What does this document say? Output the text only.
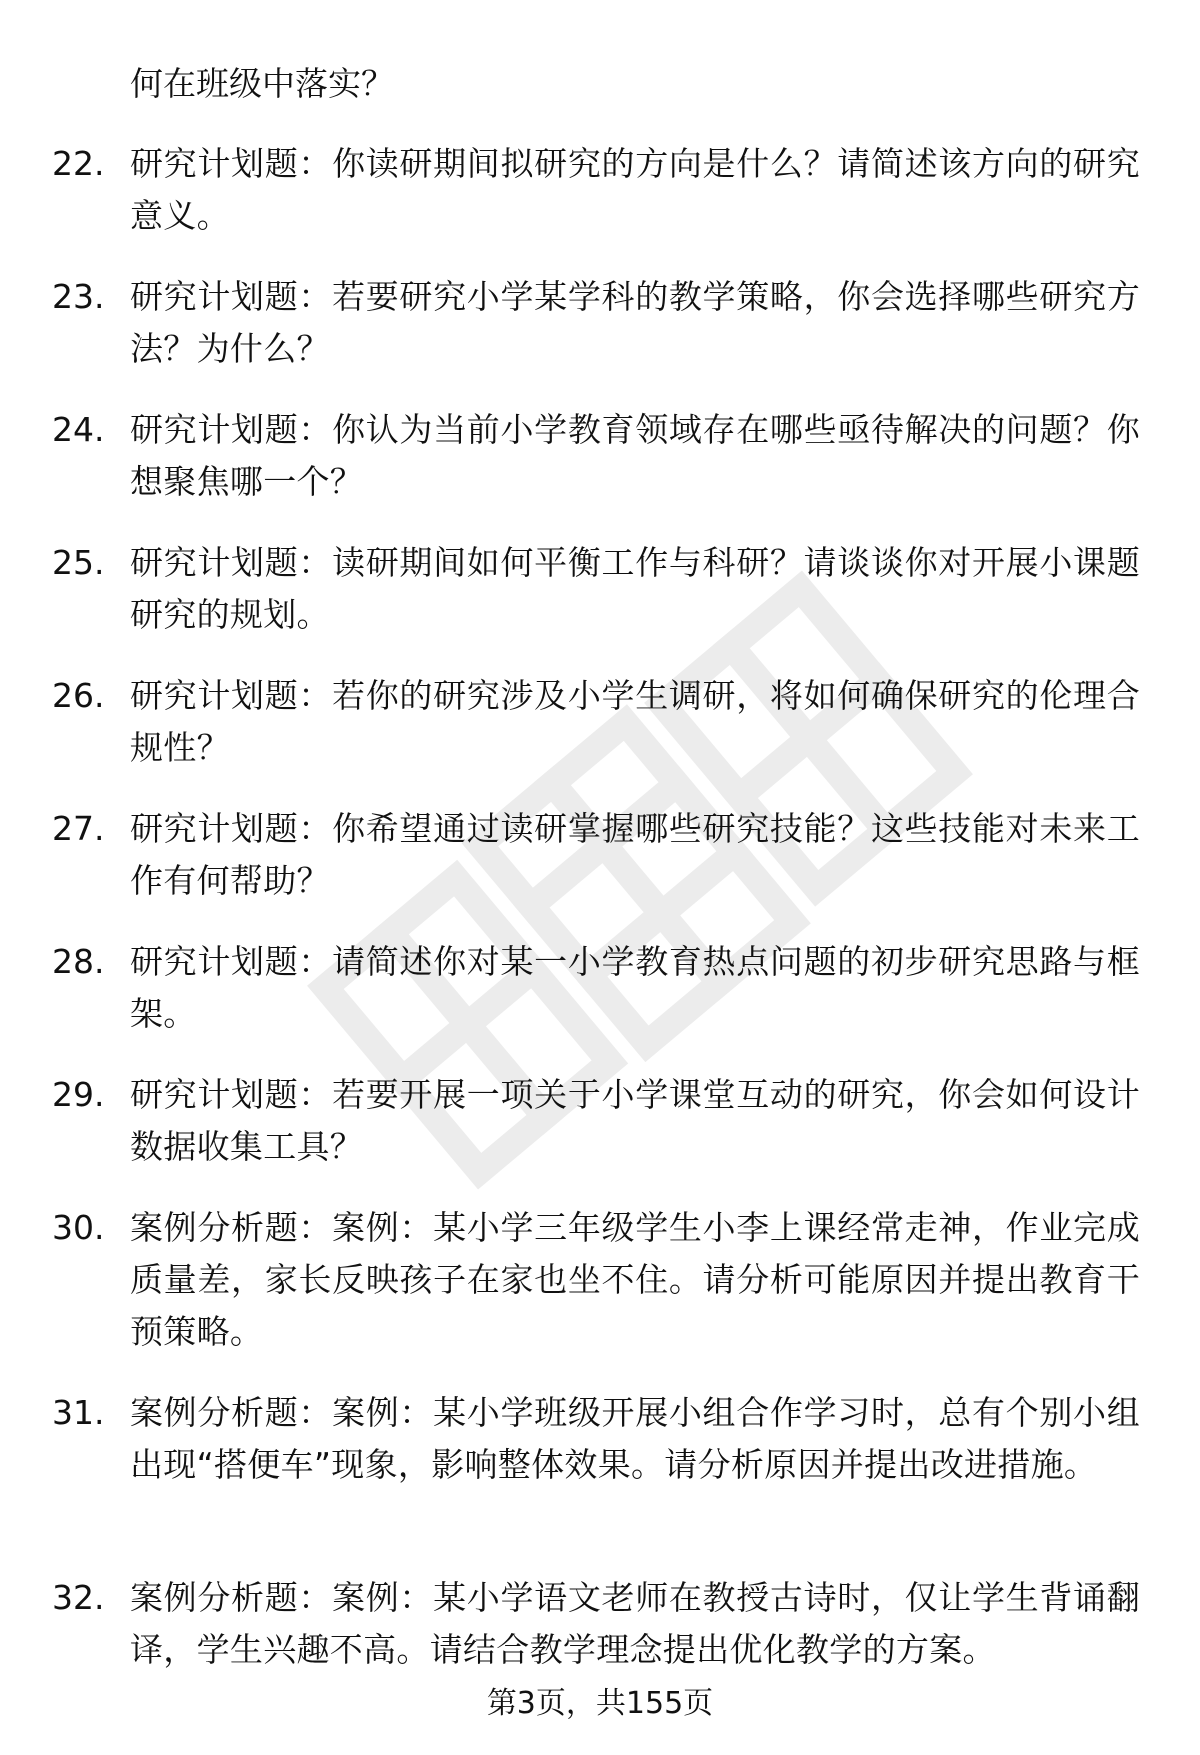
何在班级中落实？
22. 研究计划题：你读研期间拟研究的方向是什么？请简述该方向的研究意义。
23. 研究计划题：若要研究小学某学科的教学策略，你会选择哪些研究方法？为什么？
24. 研究计划题：你认为当前小学教育领域存在哪些亟待解决的问题？你想聚焦哪一个？
25. 研究计划题：读研期间如何平衡工作与科研？请谈谈你对开展小课题研究的规划。
26. 研究计划题：若你的研究涉及小学生调研，将如何确保研究的伦理合规性？
27. 研究计划题：你希望通过读研掌握哪些研究技能？这些技能对未来工作有何帮助？
28. 研究计划题：请简述你对某一小学教育热点问题的初步研究思路与框架。
29. 研究计划题：若要开展一项关于小学课堂互动的研究，你会如何设计数据收集工具？
30. 案例分析题：案例：某小学三年级学生小李上课经常走神，作业完成质量差，家长反映孩子在家也坐不住。请分析可能原因并提出教育干预策略。
31. 案例分析题：案例：某小学班级开展小组合作学习时，总有个别小组出现“搭便车”现象，影响整体效果。请分析原因并提出改进措施。
32. 案例分析题：案例：某小学语文老师在教授古诗时，仅让学生背诵翻译，学生兴趣不高。请结合教学理念提出优化教学的方案。
第3页，共155页
